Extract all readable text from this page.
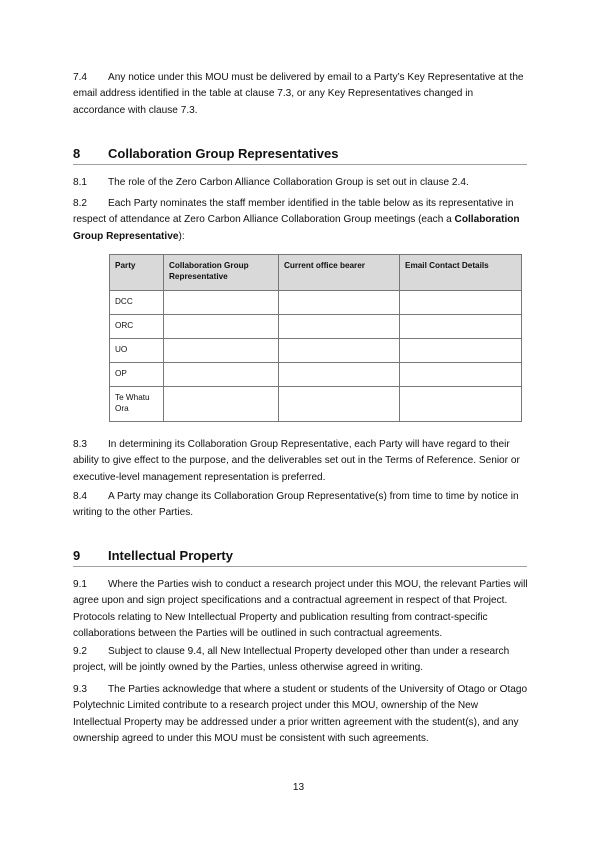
7.4 Any notice under this MOU must be delivered by email to a Party’s Key Representative at the email address identified in the table at clause 7.3, or any Key Representatives changed in accordance with clause 7.3.

8 Collaboration Group Representatives

8.1 The role of the Zero Carbon Alliance Collaboration Group is set out in clause 2.4.

8.2 Each Party nominates the staff member identified in the table below as its representative in respect of attendance at Zero Carbon Alliance Collaboration Group meetings (each a Collaboration Group Representative):

Party	Collaboration Group Representative	Current office bearer	Email Contact Details
DCC			
ORC			
UO			
OP			
Te Whatu Ora			

8.3 In determining its Collaboration Group Representative, each Party will have regard to their ability to give effect to the purpose, and the deliverables set out in the Terms of Reference. Senior or executive-level management representation is preferred.

8.4 A Party may change its Collaboration Group Representative(s) from time to time by notice in writing to the other Parties.

9 Intellectual Property

9.1 Where the Parties wish to conduct a research project under this MOU, the relevant Parties will agree upon and sign project specifications and a contractual agreement in respect of that Project. Protocols relating to New Intellectual Property and publication resulting from contract-specific collaborations between the Parties will be outlined in such contractual agreements.

9.2 Subject to clause 9.4, all New Intellectual Property developed other than under a research project, will be jointly owned by the Parties, unless otherwise agreed in writing.

9.3 The Parties acknowledge that where a student or students of the University of Otago or Otago Polytechnic Limited contribute to a research project under this MOU, ownership of the New Intellectual Property may be addressed under a prior written agreement with the student(s), and any ownership agreed to under this MOU must be consistent with such agreements.

13
